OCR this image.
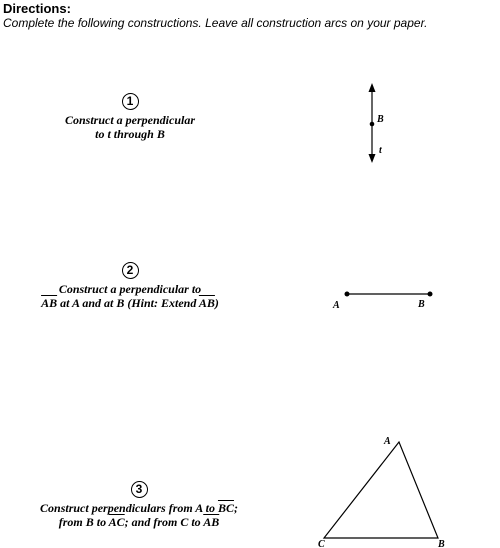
Directions:
Complete the following constructions. Leave all construction arcs on your paper.
1
Construct a perpendicular
to t through B
2
Construct a perpendicular to
$\overline{AB}$ at A and at B (Hint: Extend $\overline{AB}$)
3
Construct perpendiculars from A to $\overline{BC}$;
from B to $\overline{AC}$; and from C to $\overline{AB}$
B
t
A	B
A
C	B
